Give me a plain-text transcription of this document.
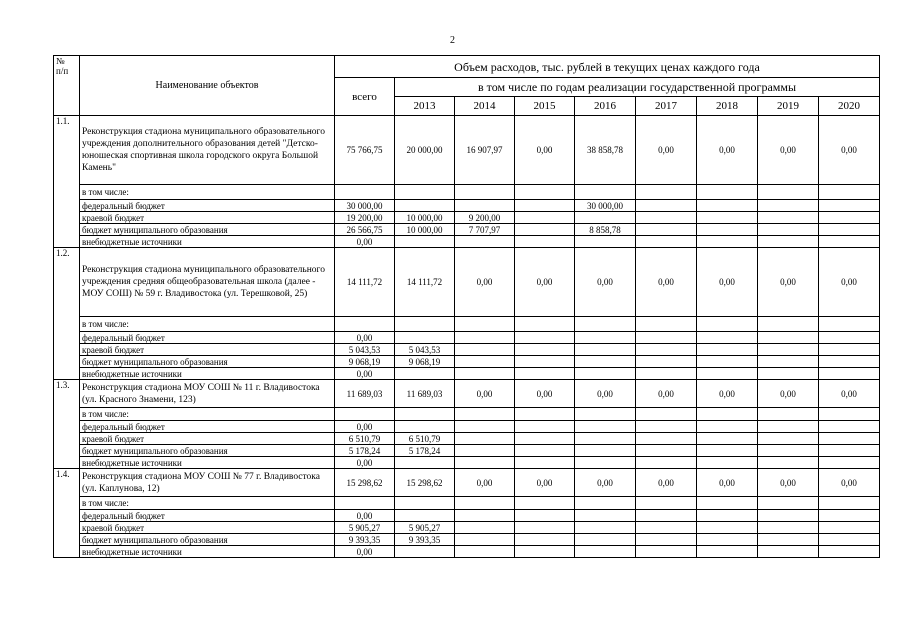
2
№
п/п	Наименование объектов	Объем расходов, тыс. рублей в текущих ценах каждого года								
		всего	в том числе по годам реализации государственной программы							
			2013	2014	2015	2016	2017	2018	2019	2020
1.1.	Реконструкция стадиона муниципального образовательного учреждения дополнительного образования детей "Детско-юношеская спортивная школа городского округа Большой Камень"	75 766,75	20 000,00	16 907,97	0,00	38 858,78	0,00	0,00	0,00	0,00
	в том числе:									
	федеральный бюджет	30 000,00				30 000,00				
	краевой бюджет	19 200,00	10 000,00	9 200,00						
	бюджет муниципального образования	26 566,75	10 000,00	7 707,97		8 858,78				
	внебюджетные источники	0,00								
1.2.	Реконструкция стадиона муниципального образовательного учреждения средняя общеобразовательная школа (далее - МОУ СОШ) № 59 г. Владивостока (ул. Терешковой, 25)	14 111,72	14 111,72	0,00	0,00	0,00	0,00	0,00	0,00	0,00
	в том числе:									
	федеральный бюджет	0,00								
	краевой бюджет	5 043,53	5 043,53							
	бюджет муниципального образования	9 068,19	9 068,19							
	внебюджетные источники	0,00								
1.3.	Реконструкция стадиона МОУ СОШ № 11 г. Владивостока (ул. Красного Знамени, 123)	11 689,03	11 689,03	0,00	0,00	0,00	0,00	0,00	0,00	0,00
	в том числе:									
	федеральный бюджет	0,00								
	краевой бюджет	6 510,79	6 510,79							
	бюджет муниципального образования	5 178,24	5 178,24							
	внебюджетные источники	0,00								
1.4.	Реконструкция стадиона МОУ СОШ № 77 г. Владивостока (ул. Каплунова, 12)	15 298,62	15 298,62	0,00	0,00	0,00	0,00	0,00	0,00	0,00
	в том числе:									
	федеральный бюджет	0,00								
	краевой бюджет	5 905,27	5 905,27							
	бюджет муниципального образования	9 393,35	9 393,35							
	внебюджетные источники	0,00								
